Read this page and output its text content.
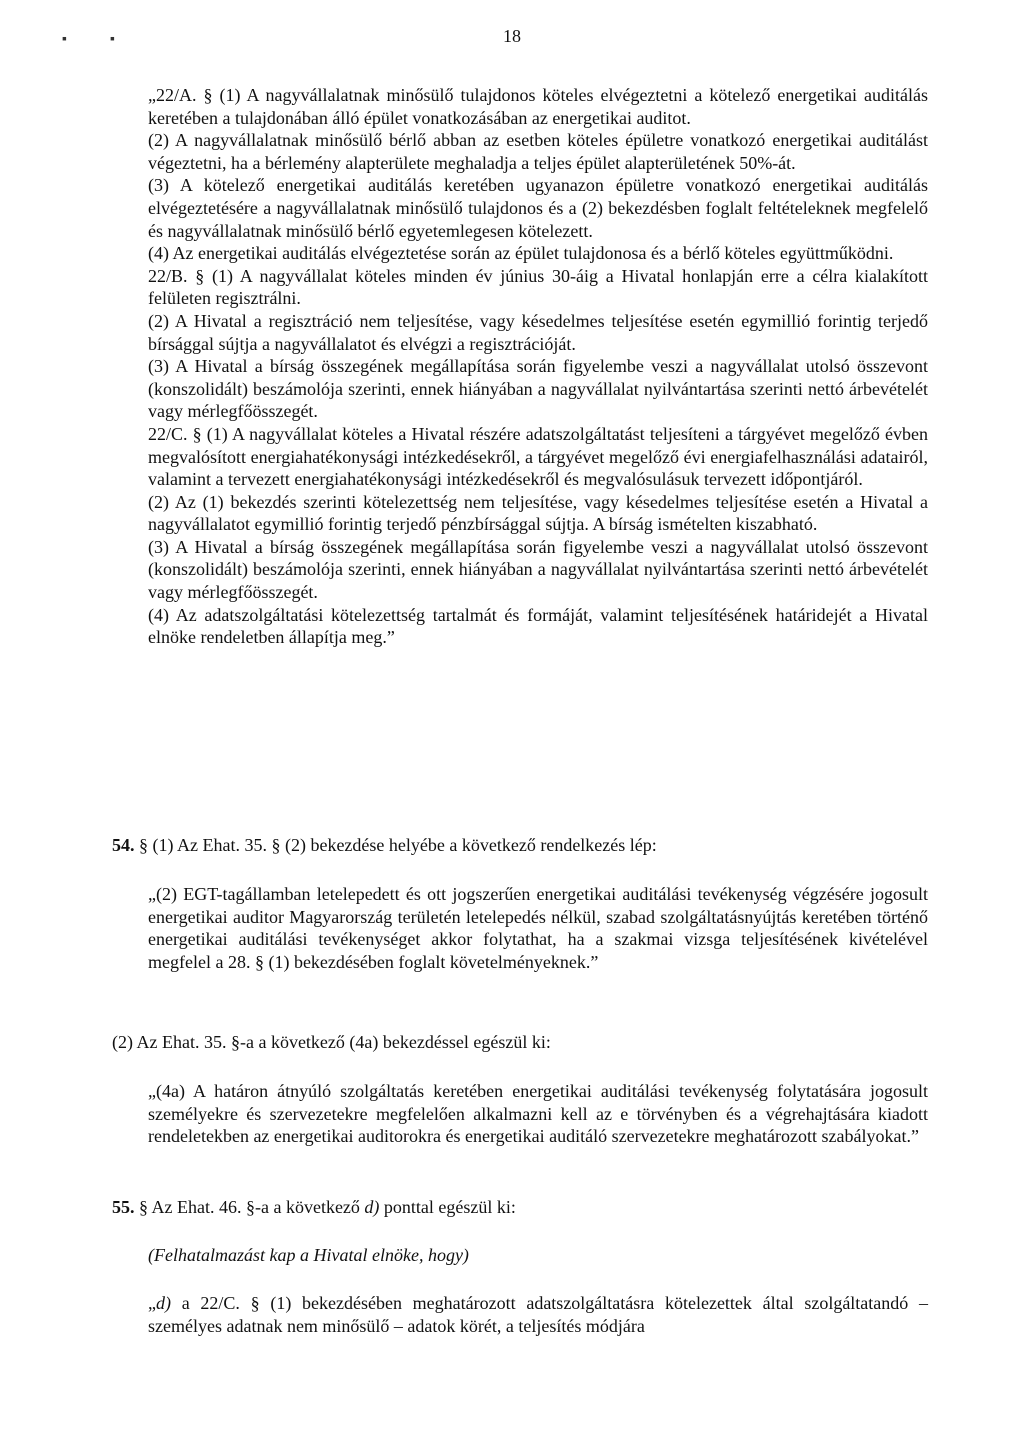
▪	▪	18

„22/A. § (1) A nagyvállalatnak minősülő tulajdonos köteles elvégeztetni a kötelező energetikai auditálás keretében a tulajdonában álló épület vonatkozásában az energetikai auditot.

(2) A nagyvállalatnak minősülő bérlő abban az esetben köteles épületre vonatkozó energetikai auditálást végeztetni, ha a bérlemény alapterülete meghaladja a teljes épület alapterületének 50%-át.

(3) A kötelező energetikai auditálás keretében ugyanazon épületre vonatkozó energetikai auditálás elvégeztetésére a nagyvállalatnak minősülő tulajdonos és a (2) bekezdésben foglalt feltételeknek megfelelő és nagyvállalatnak minősülő bérlő egyetemlegesen kötelezett.

(4) Az energetikai auditálás elvégeztetése során az épület tulajdonosa és a bérlő köteles együttműködni.

22/B. § (1) A nagyvállalat köteles minden év június 30-áig a Hivatal honlapján erre a célra kialakított felületen regisztrálni.

(2) A Hivatal a regisztráció nem teljesítése, vagy késedelmes teljesítése esetén egymillió forintig terjedő bírsággal sújtja a nagyvállalatot és elvégzi a regisztrációját.

(3) A Hivatal a bírság összegének megállapítása során figyelembe veszi a nagyvállalat utolsó összevont (konszolidált) beszámolója szerinti, ennek hiányában a nagyvállalat nyilvántartása szerinti nettó árbevételét vagy mérlegfőösszegét.

22/C. § (1) A nagyvállalat köteles a Hivatal részére adatszolgáltatást teljesíteni a tárgyévet megelőző évben megvalósított energiahatékonysági intézkedésekről, a tárgyévet megelőző évi energiafelhasználási adatairól, valamint a tervezett energiahatékonysági intézkedésekről és megvalósulásuk tervezett időpontjáról.

(2) Az (1) bekezdés szerinti kötelezettség nem teljesítése, vagy késedelmes teljesítése esetén a Hivatal a nagyvállalatot egymillió forintig terjedő pénzbírsággal sújtja. A bírság ismételten kiszabható.

(3) A Hivatal a bírság összegének megállapítása során figyelembe veszi a nagyvállalat utolsó összevont (konszolidált) beszámolója szerinti, ennek hiányában a nagyvállalat nyilvántartása szerinti nettó árbevételét vagy mérlegfőösszegét.

(4) Az adatszolgáltatási kötelezettség tartalmát és formáját, valamint teljesítésének határidejét a Hivatal elnöke rendeletben állapítja meg.”

54. § (1) Az Ehat. 35. § (2) bekezdése helyébe a következő rendelkezés lép:

„(2) EGT-tagállamban letelepedett és ott jogszerűen energetikai auditálási tevékenység végzésére jogosult energetikai auditor Magyarország területén letelepedés nélkül, szabad szolgáltatásnyújtás keretében történő energetikai auditálási tevékenységet akkor folytathat, ha a szakmai vizsga teljesítésének kivételével megfelel a 28. § (1) bekezdésében foglalt követelményeknek.”

(2) Az Ehat. 35. §-a a következő (4a) bekezdéssel egészül ki:

„(4a) A határon átnyúló szolgáltatás keretében energetikai auditálási tevékenység folytatására jogosult személyekre és szervezetekre megfelelően alkalmazni kell az e törvényben és a végrehajtására kiadott rendeletekben az energetikai auditorokra és energetikai auditáló szervezetekre meghatározott szabályokat.”

55. § Az Ehat. 46. §-a a következő d) ponttal egészül ki:

(Felhatalmazást kap a Hivatal elnöke, hogy)

„d) a 22/C. § (1) bekezdésében meghatározott adatszolgáltatásra kötelezettek által szolgáltatandó – személyes adatnak nem minősülő – adatok körét, a teljesítés módjára
